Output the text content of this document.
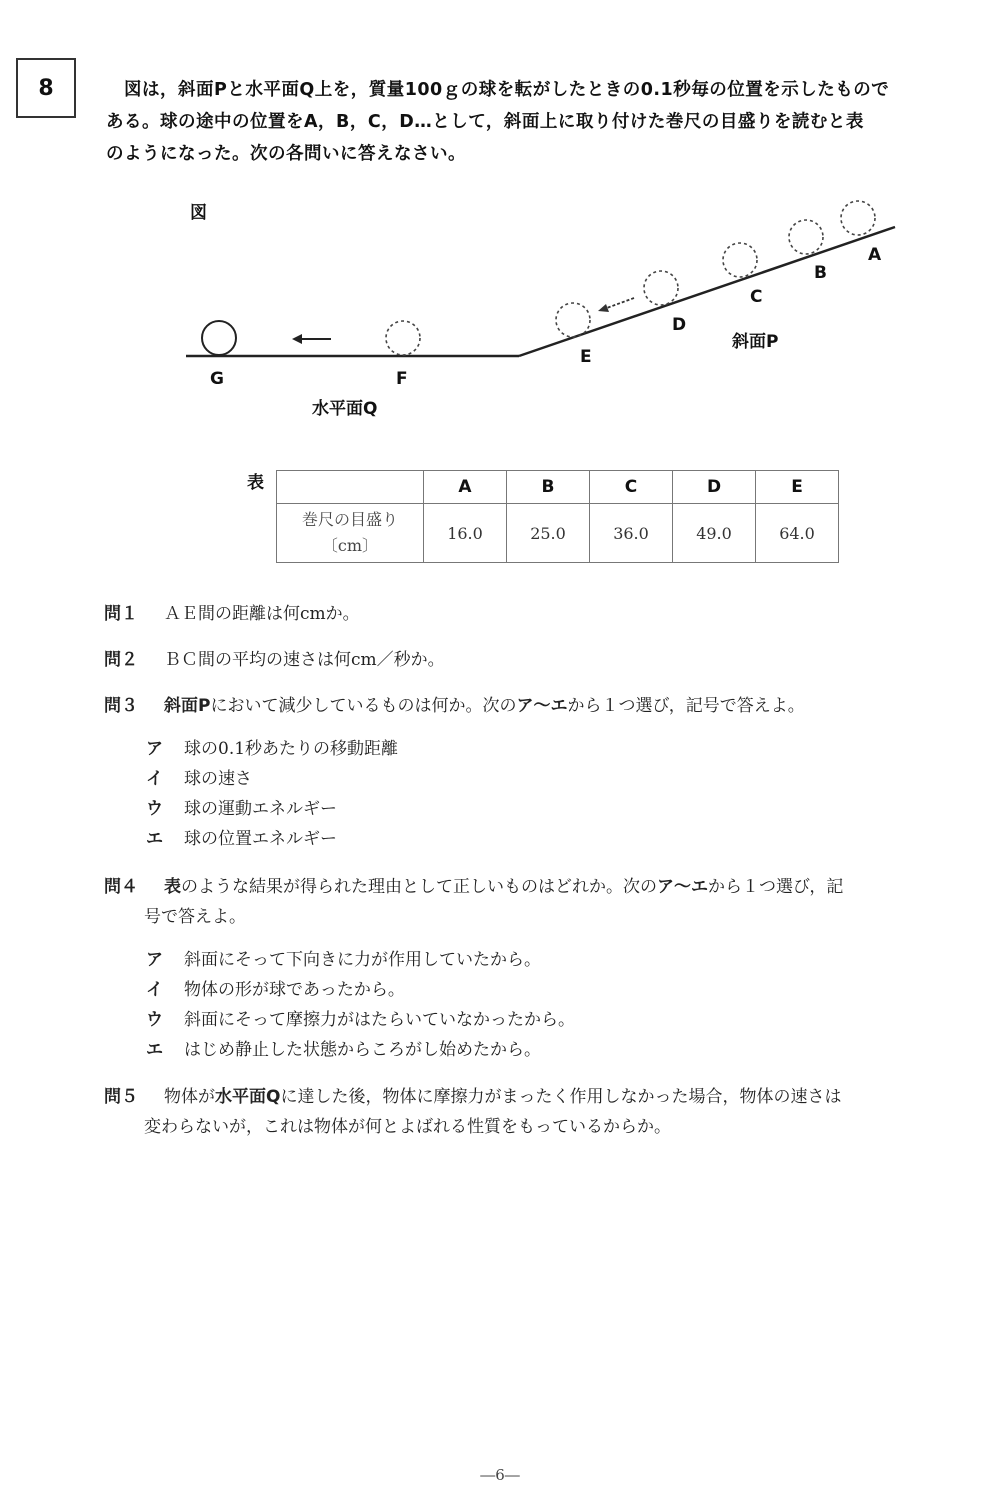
8	図は，斜面Pと水平面Q上を，質量100ｇの球を転がしたときの0.1秒毎の位置を示したもので

ある。球の途中の位置をA，B，C，D…として，斜面上に取り付けた巻尺の目盛りを読むと表

のようになった。次の各問いに答えなさい。

図
A
B
C
D
E
F
G
斜面P
水平面Q
表
		A	B	C	D	E

巻尺の目盛り
〔cm〕	16.0	25.0	36.0	49.0	64.0
問１ ＡＥ間の距離は何cmか。
問２ ＢＣ間の平均の速さは何cm／秒か。
問３ 斜面Pにおいて減少しているものは何か。次のア～エから１つ選び，記号で答えよ。
ア 球の0.1秒あたりの移動距離
イ 球の速さ
ウ 球の運動エネルギー
エ 球の位置エネルギー
問４ 表のような結果が得られた理由として正しいものはどれか。次のア～エから１つ選び，記
号で答えよ。
ア 斜面にそって下向きに力が作用していたから。
イ 物体の形が球であったから。
ウ 斜面にそって摩擦力がはたらいていなかったから。
エ はじめ静止した状態からころがし始めたから。
問５ 物体が水平面Qに達した後，物体に摩擦力がまったく作用しなかった場合，物体の速さは
変わらないが，これは物体が何とよばれる性質をもっているからか。
―6―
